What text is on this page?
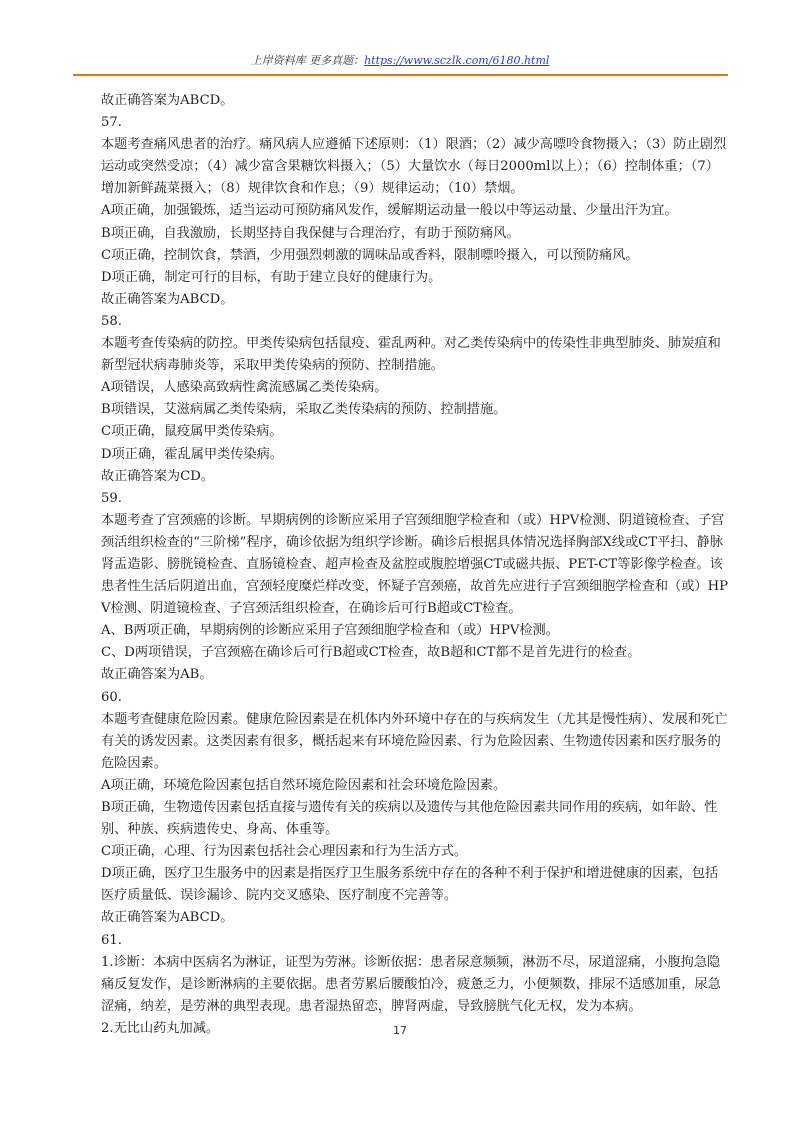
上岸资料库 更多真题：https://www.sczlk.com/6180.html

故正确答案为ABCD。

57.

本题考查痛风患者的治疗。痛风病人应遵循下述原则：（1）限酒；（2）减少高嘌呤食物摄入；（3）防止剧烈运动或突然受凉；（4）减少富含果糖饮料摄入；（5）大量饮水（每日2000ml以上）；（6）控制体重；（7）增加新鲜蔬菜摄入；（8）规律饮食和作息；（9）规律运动；（10）禁烟。

A项正确，加强锻炼，适当运动可预防痛风发作，缓解期运动量一般以中等运动量、少量出汗为宜。

B项正确，自我激励，长期坚持自我保健与合理治疗，有助于预防痛风。

C项正确，控制饮食，禁酒，少用强烈刺激的调味品或香料，限制嘌呤摄入，可以预防痛风。

D项正确，制定可行的目标，有助于建立良好的健康行为。

故正确答案为ABCD。

58.

本题考查传染病的防控。甲类传染病包括鼠疫、霍乱两种。对乙类传染病中的传染性非典型肺炎、肺炭疽和新型冠状病毒肺炎等，采取甲类传染病的预防、控制措施。

A项错误，人感染高致病性禽流感属乙类传染病。

B项错误，艾滋病属乙类传染病，采取乙类传染病的预防、控制措施。

C项正确，鼠疫属甲类传染病。

D项正确，霍乱属甲类传染病。

故正确答案为CD。

59.

本题考查了宫颈癌的诊断。早期病例的诊断应采用子宫颈细胞学检查和（或）HPV检测、阴道镜检查、子宫颈活组织检查的“三阶梯”程序，确诊依据为组织学诊断。确诊后根据具体情况选择胸部X线或CT平扫、静脉肾盂造影、膀胱镜检查、直肠镜检查、超声检查及盆腔或腹腔增强CT或磁共振、PET-CT等影像学检查。该患者性生活后阴道出血，宫颈轻度糜烂样改变，怀疑子宫颈癌，故首先应进行子宫颈细胞学检查和（或）HPV检测、阴道镜检查、子宫颈活组织检查，在确诊后可行B超或CT检查。

A、B两项正确，早期病例的诊断应采用子宫颈细胞学检查和（或）HPV检测。

C、D两项错误，子宫颈癌在确诊后可行B超或CT检查，故B超和CT都不是首先进行的检查。

故正确答案为AB。

60.

本题考查健康危险因素。健康危险因素是在机体内外环境中存在的与疾病发生（尤其是慢性病）、发展和死亡有关的诱发因素。这类因素有很多，概括起来有环境危险因素、行为危险因素、生物遗传因素和医疗服务的危险因素。

A项正确，环境危险因素包括自然环境危险因素和社会环境危险因素。

B项正确，生物遗传因素包括直接与遗传有关的疾病以及遗传与其他危险因素共同作用的疾病，如年龄、性别、种族、疾病遗传史、身高、体重等。

C项正确，心理、行为因素包括社会心理因素和行为生活方式。

D项正确，医疗卫生服务中的因素是指医疗卫生服务系统中存在的各种不利于保护和增进健康的因素，包括医疗质量低、误诊漏诊、院内交叉感染、医疗制度不完善等。

故正确答案为ABCD。

61.

1.诊断：本病中医病名为淋证，证型为劳淋。诊断依据：患者尿意频频，淋沥不尽，尿道涩痛，小腹拘急隐痛反复发作，是诊断淋病的主要依据。患者劳累后腰酸怕冷，疲惫乏力，小便频数，排尿不适感加重，尿急涩痛，纳差，是劳淋的典型表现。患者湿热留恋，脾肾两虚，导致膀胱气化无权，发为本病。

2.无比山药丸加减。	17
